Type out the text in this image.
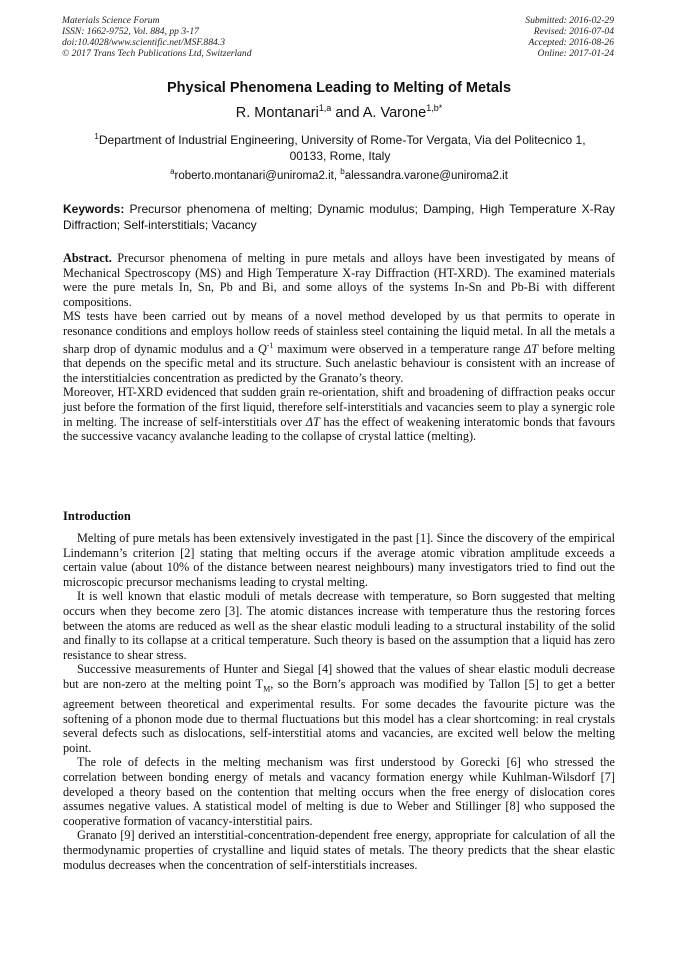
Materials Science Forum
ISSN: 1662-9752, Vol. 884, pp 3-17
doi:10.4028/www.scientific.net/MSF.884.3
© 2017 Trans Tech Publications Ltd, Switzerland
Submitted: 2016-02-29
Revised: 2016-07-04
Accepted: 2016-08-26
Online: 2017-01-24
Physical Phenomena Leading to Melting of Metals
R. Montanari$^{1,a}$ and A. Varone$^{1,b*}$
$^1$Department of Industrial Engineering, University of Rome-Tor Vergata, Via del Politecnico 1, 00133, Rome, Italy
$^a$roberto.montanari@uniroma2.it, $^b$alessandra.varone@uniroma2.it
Keywords: Precursor phenomena of melting; Dynamic modulus; Damping, High Temperature X-Ray Diffraction; Self-interstitials; Vacancy

Abstract. Precursor phenomena of melting in pure metals and alloys have been investigated by means of Mechanical Spectroscopy (MS) and High Temperature X-ray Diffraction (HT-XRD). The examined materials were the pure metals In, Sn, Pb and Bi, and some alloys of the systems In-Sn and Pb-Bi with different compositions.

MS tests have been carried out by means of a novel method developed by us that permits to operate in resonance conditions and employs hollow reeds of stainless steel containing the liquid metal. In all the metals a sharp drop of dynamic modulus and a $Q^{-1}$ maximum were observed in a temperature range ΔT before melting that depends on the specific metal and its structure. Such anelastic behaviour is consistent with an increase of the interstitialcies concentration as predicted by the Granato’s theory.

Moreover, HT-XRD evidenced that sudden grain re-orientation, shift and broadening of diffraction peaks occur just before the formation of the first liquid, therefore self-interstitials and vacancies seem to play a synergic role in melting. The increase of self-interstitials over ΔT has the effect of weakening interatomic bonds that favours the successive vacancy avalanche leading to the collapse of crystal lattice (melting).

Introduction

Melting of pure metals has been extensively investigated in the past [1]. Since the discovery of the empirical Lindemann’s criterion [2] stating that melting occurs if the average atomic vibration amplitude exceeds a certain value (about 10% of the distance between nearest neighbours) many investigators tried to find out the microscopic precursor mechanisms leading to crystal melting.

It is well known that elastic moduli of metals decrease with temperature, so Born suggested that melting occurs when they become zero [3]. The atomic distances increase with temperature thus the restoring forces between the atoms are reduced as well as the shear elastic moduli leading to a structural instability of the solid and finally to its collapse at a critical temperature. Such theory is based on the assumption that a liquid has zero resistance to shear stress.

Successive measurements of Hunter and Siegal [4] showed that the values of shear elastic moduli decrease but are non-zero at the melting point $T_M$, so the Born’s approach was modified by Tallon [5] to get a better agreement between theoretical and experimental results. For some decades the favourite picture was the softening of a phonon mode due to thermal fluctuations but this model has a clear shortcoming: in real crystals several defects such as dislocations, self-interstitial atoms and vacancies, are excited well below the melting point.

The role of defects in the melting mechanism was first understood by Gorecki [6] who stressed the correlation between bonding energy of metals and vacancy formation energy while Kuhlman-Wilsdorf [7] developed a theory based on the contention that melting occurs when the free energy of dislocation cores assumes negative values. A statistical model of melting is due to Weber and Stillinger [8] who supposed the cooperative formation of vacancy-interstitial pairs.

Granato [9] derived an interstitial-concentration-dependent free energy, appropriate for calculation of all the thermodynamic properties of crystalline and liquid states of metals. The theory predicts that the shear elastic modulus decreases when the concentration of self-interstitials increases.
